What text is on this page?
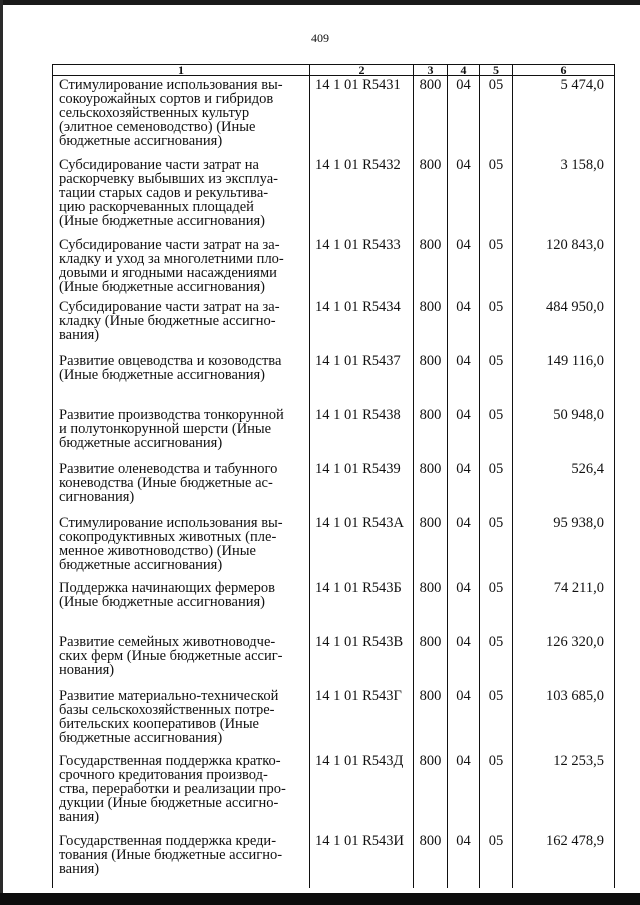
409
1	2	3	4	5	6

Стимулирование использования вы-
сокоурожайных сортов и гибридов
сельскохозяйственных культур
(элитное семеноводство) (Иные
бюджетные ассигнования)	14 1 01 R5431	800	04	05	5 474,0

Субсидирование части затрат на
раскорчевку выбывших из эксплуа-
тации старых садов и рекультива-
цию раскорчеванных площадей
(Иные бюджетные ассигнования)	14 1 01 R5432	800	04	05	3 158,0

Субсидирование части затрат на за-
кладку и уход за многолетними пло-
довыми и ягодными насаждениями
(Иные бюджетные ассигнования)	14 1 01 R5433	800	04	05	120 843,0

Субсидирование части затрат на за-
кладку (Иные бюджетные ассигно-
вания)	14 1 01 R5434	800	04	05	484 950,0

Развитие овцеводства и козоводства
(Иные бюджетные ассигнования)	14 1 01 R5437	800	04	05	149 116,0

Развитие производства тонкорунной
и полутонкорунной шерсти (Иные
бюджетные ассигнования)	14 1 01 R5438	800	04	05	50 948,0

Развитие оленеводства и табунного
коневодства (Иные бюджетные ас-
сигнования)	14 1 01 R5439	800	04	05	526,4

Стимулирование использования вы-
сокопродуктивных животных (пле-
менное животноводство) (Иные
бюджетные ассигнования)	14 1 01 R543А	800	04	05	95 938,0

Поддержка начинающих фермеров
(Иные бюджетные ассигнования)	14 1 01 R543Б	800	04	05	74 211,0

Развитие семейных животноводче-
ских ферм (Иные бюджетные ассиг-
нования)	14 1 01 R543В	800	04	05	126 320,0

Развитие материально-технической
базы сельскохозяйственных потре-
бительских кооперативов (Иные
бюджетные ассигнования)	14 1 01 R543Г	800	04	05	103 685,0

Государственная поддержка кратко-
срочного кредитования производ-
ства, переработки и реализации про-
дукции (Иные бюджетные ассигно-
вания)	14 1 01 R543Д	800	04	05	12 253,5

Государственная поддержка креди-
тования (Иные бюджетные ассигно-
вания)	14 1 01 R543И	800	04	05	162 478,9
